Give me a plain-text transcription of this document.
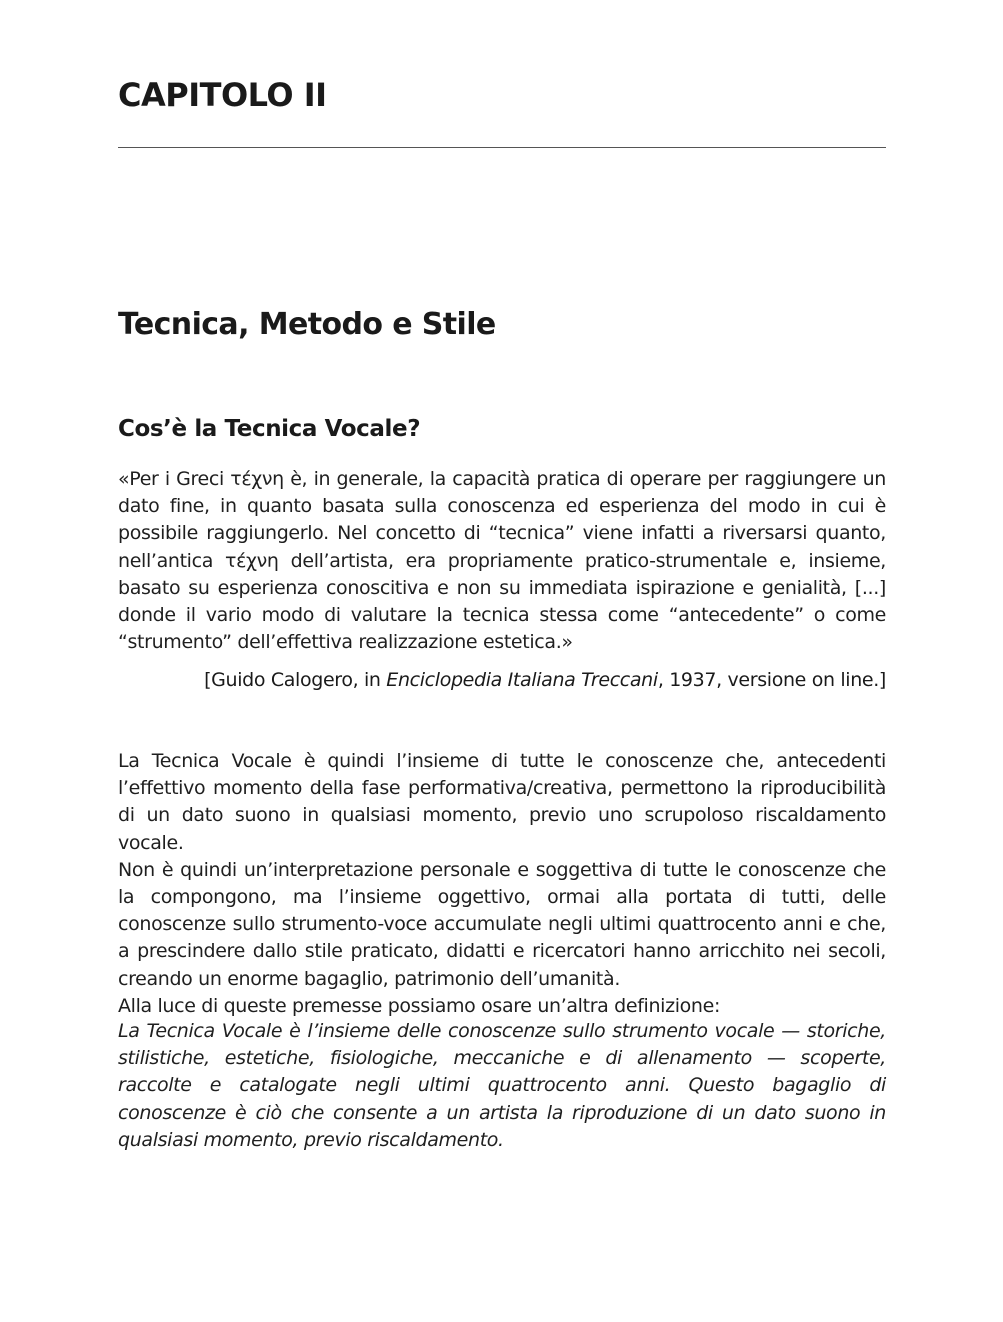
CAPITOLO II
Tecnica, Metodo e Stile
Cos’è la Tecnica Vocale?

«Per i Greci τέχνη è, in generale, la capacità pratica di operare per raggiungere un dato fine, in quanto basata sulla conoscenza ed esperienza del modo in cui è possibile raggiungerlo. Nel concetto di “tecnica” viene infatti a riversarsi quanto, nell’antica τέχνη dell’artista, era propriamente pratico-strumentale e, insieme, basato su esperienza conoscitiva e non su immediata ispirazione e genialità, [...] donde il vario modo di valutare la tecnica stessa come “antecedente” o come “strumento” dell’effettiva realizzazione estetica.»

[Guido Calogero, in Enciclopedia Italiana Treccani, 1937, versione on line.]

La Tecnica Vocale è quindi l’insieme di tutte le conoscenze che, antecedenti l’effettivo momento della fase performativa/creativa, permettono la riproducibilità di un dato suono in qualsiasi momento, previo uno scrupoloso riscaldamento vocale.

Non è quindi un’interpretazione personale e soggettiva di tutte le conoscenze che la compongono, ma l’insieme oggettivo, ormai alla portata di tutti, delle conoscenze sullo strumento-voce accumulate negli ultimi quattrocento anni e che, a prescindere dallo stile praticato, didatti e ricercatori hanno arricchito nei secoli, creando un enorme bagaglio, patrimonio dell’umanità.

Alla luce di queste premesse possiamo osare un’altra definizione:

La Tecnica Vocale è l’insieme delle conoscenze sullo strumento vocale — storiche, stilistiche, estetiche, fisiologiche, meccaniche e di allenamento — scoperte, raccolte e catalogate negli ultimi quattrocento anni. Questo bagaglio di conoscenze è ciò che consente a un artista la riproduzione di un dato suono in qualsiasi momento, previo riscaldamento.
